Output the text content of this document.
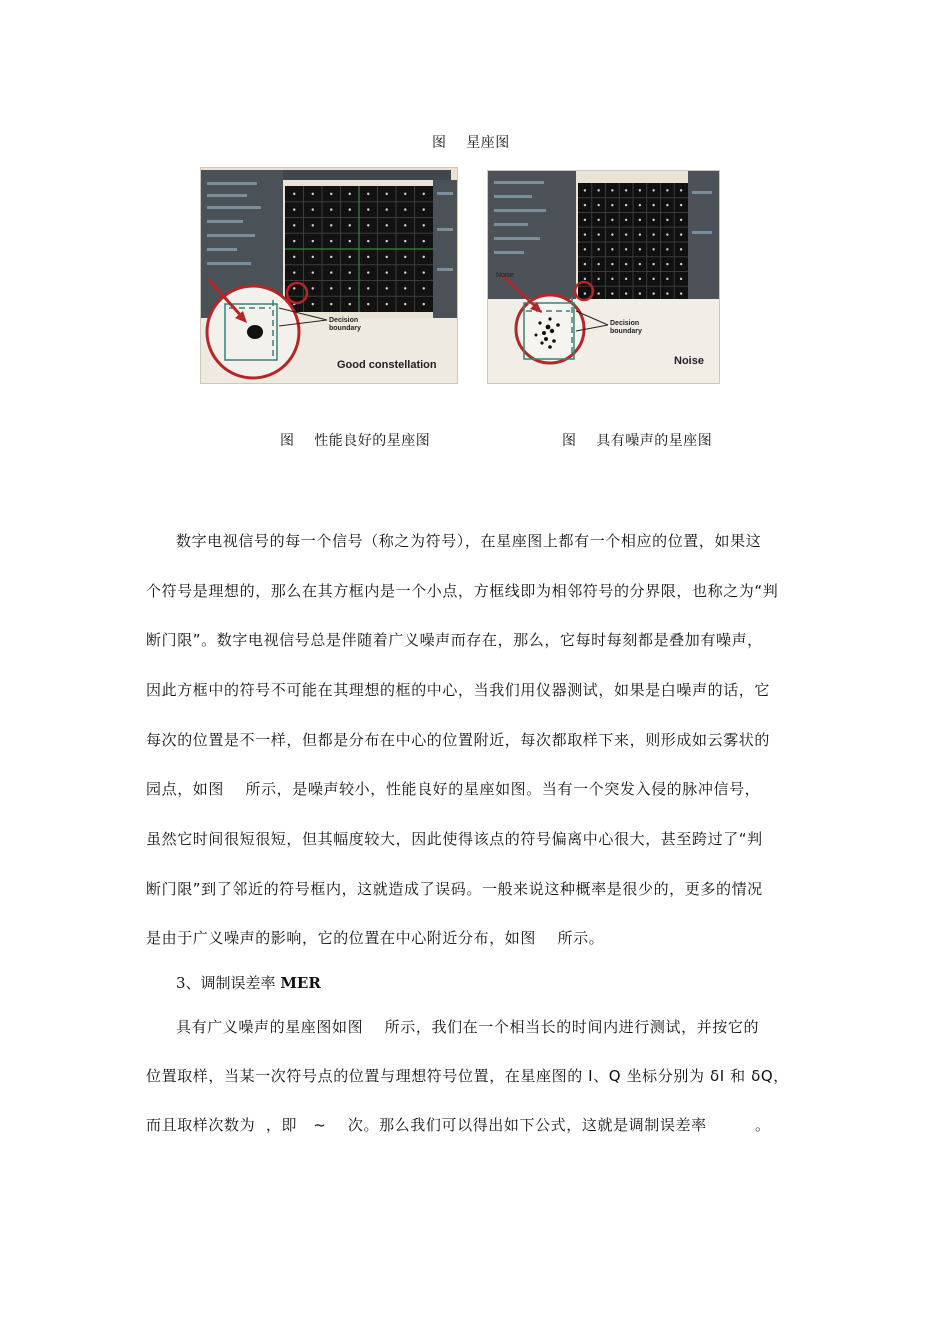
图    星座图
Decision
boundary
Good constellation
Noise
Decision
boundary
Noise
图    性能良好的星座图	图    具有噪声的星座图
数字电视信号的每一个信号（称之为符号），在星座图上都有一个相应的位置，如果这
个符号是理想的，那么在其方框内是一个小点，方框线即为相邻符号的分界限，也称之为“判
断门限”。数字电视信号总是伴随着广义噪声而存在，那么，它每时每刻都是叠加有噪声，
因此方框中的符号不可能在其理想的框的中心，当我们用仪器测试，如果是白噪声的话，它
每次的位置是不一样，但都是分布在中心的位置附近，每次都取样下来，则形成如云雾状的
园点，如图    所示，是噪声较小，性能良好的星座如图。当有一个突发入侵的脉冲信号，
虽然它时间很短很短，但其幅度较大，因此使得该点的符号偏离中心很大，甚至跨过了“判
断门限”到了邻近的符号框内，这就造成了误码。一般来说这种概率是很少的，更多的情况
是由于广义噪声的影响，它的位置在中心附近分布，如图    所示。
3、调制误差率 MER
具有广义噪声的星座图如图    所示，我们在一个相当长的时间内进行测试，并按它的
位置取样，当某一次符号点的位置与理想符号位置，在星座图的 I、Q 坐标分别为 δI 和 δQ，
而且取样次数为  ，即   ~    次。那么我们可以得出如下公式，这就是调制误差率         。
